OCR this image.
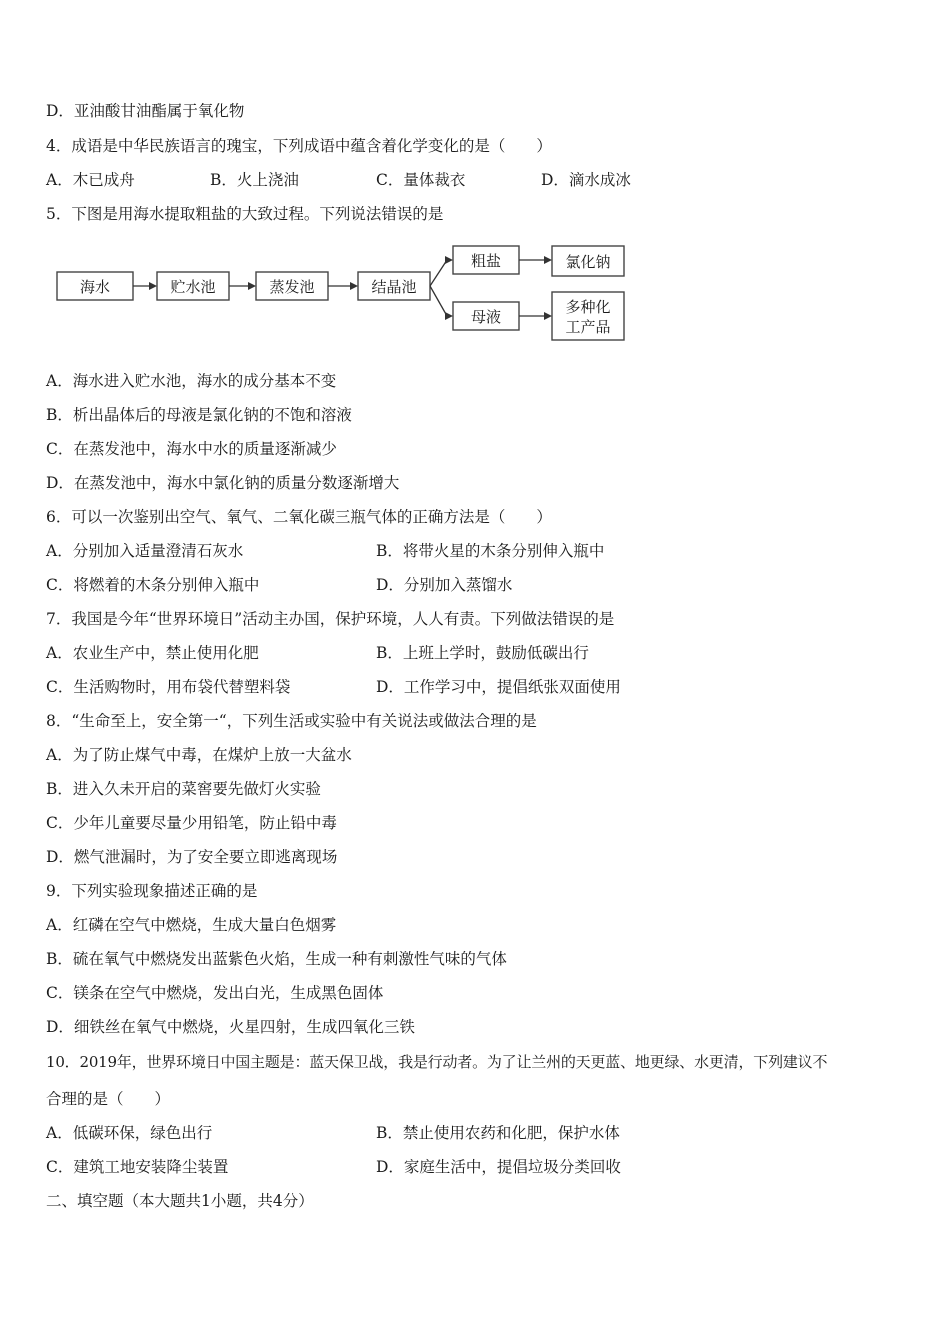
D．亚油酸甘油酯属于氧化物
4．成语是中华民族语言的瑰宝，下列成语中蕴含着化学变化的是（　　）
A．木已成舟	B．火上浇油	C．量体裁衣	D．滴水成冰
5．下图是用海水提取粗盐的大致过程。下列说法错误的是
海水	贮水池	蒸发池	结晶池
粗盐	氯化钠
母液
多种化
工产品
A．海水进入贮水池，海水的成分基本不变
B．析出晶体后的母液是氯化钠的不饱和溶液
C．在蒸发池中，海水中水的质量逐渐减少
D．在蒸发池中，海水中氯化钠的质量分数逐渐增大
6．可以一次鉴别出空气、氧气、二氧化碳三瓶气体的正确方法是（　　）
A．分别加入适量澄清石灰水	B．将带火星的木条分别伸入瓶中
C．将燃着的木条分别伸入瓶中	D．分别加入蒸馏水
7．我国是今年“世界环境日”活动主办国，保护环境，人人有责。下列做法错误的是
A．农业生产中，禁止使用化肥	B．上班上学时，鼓励低碳出行
C．生活购物时，用布袋代替塑料袋	D．工作学习中，提倡纸张双面使用
8．“生命至上，安全第一“，下列生活或实验中有关说法或做法合理的是
A．为了防止煤气中毒，在煤炉上放一大盆水
B．进入久未开启的菜窖要先做灯火实验
C．少年儿童要尽量少用铅笔，防止铅中毒
D．燃气泄漏时，为了安全要立即逃离现场
9．下列实验现象描述正确的是
A．红磷在空气中燃烧，生成大量白色烟雾
B．硫在氧气中燃烧发出蓝紫色火焰，生成一种有刺激性气味的气体
C．镁条在空气中燃烧，发出白光，生成黑色固体
D．细铁丝在氧气中燃烧，火星四射，生成四氧化三铁
10．2019年，世界环境日中国主题是：蓝天保卫战，我是行动者。为了让兰州的天更蓝、地更绿、水更清，下列建议不
合理的是（　　）
A．低碳环保，绿色出行	B．禁止使用农药和化肥，保护水体
C．建筑工地安装降尘装置	D．家庭生活中，提倡垃圾分类回收
二、填空题（本大题共1小题，共4分）
